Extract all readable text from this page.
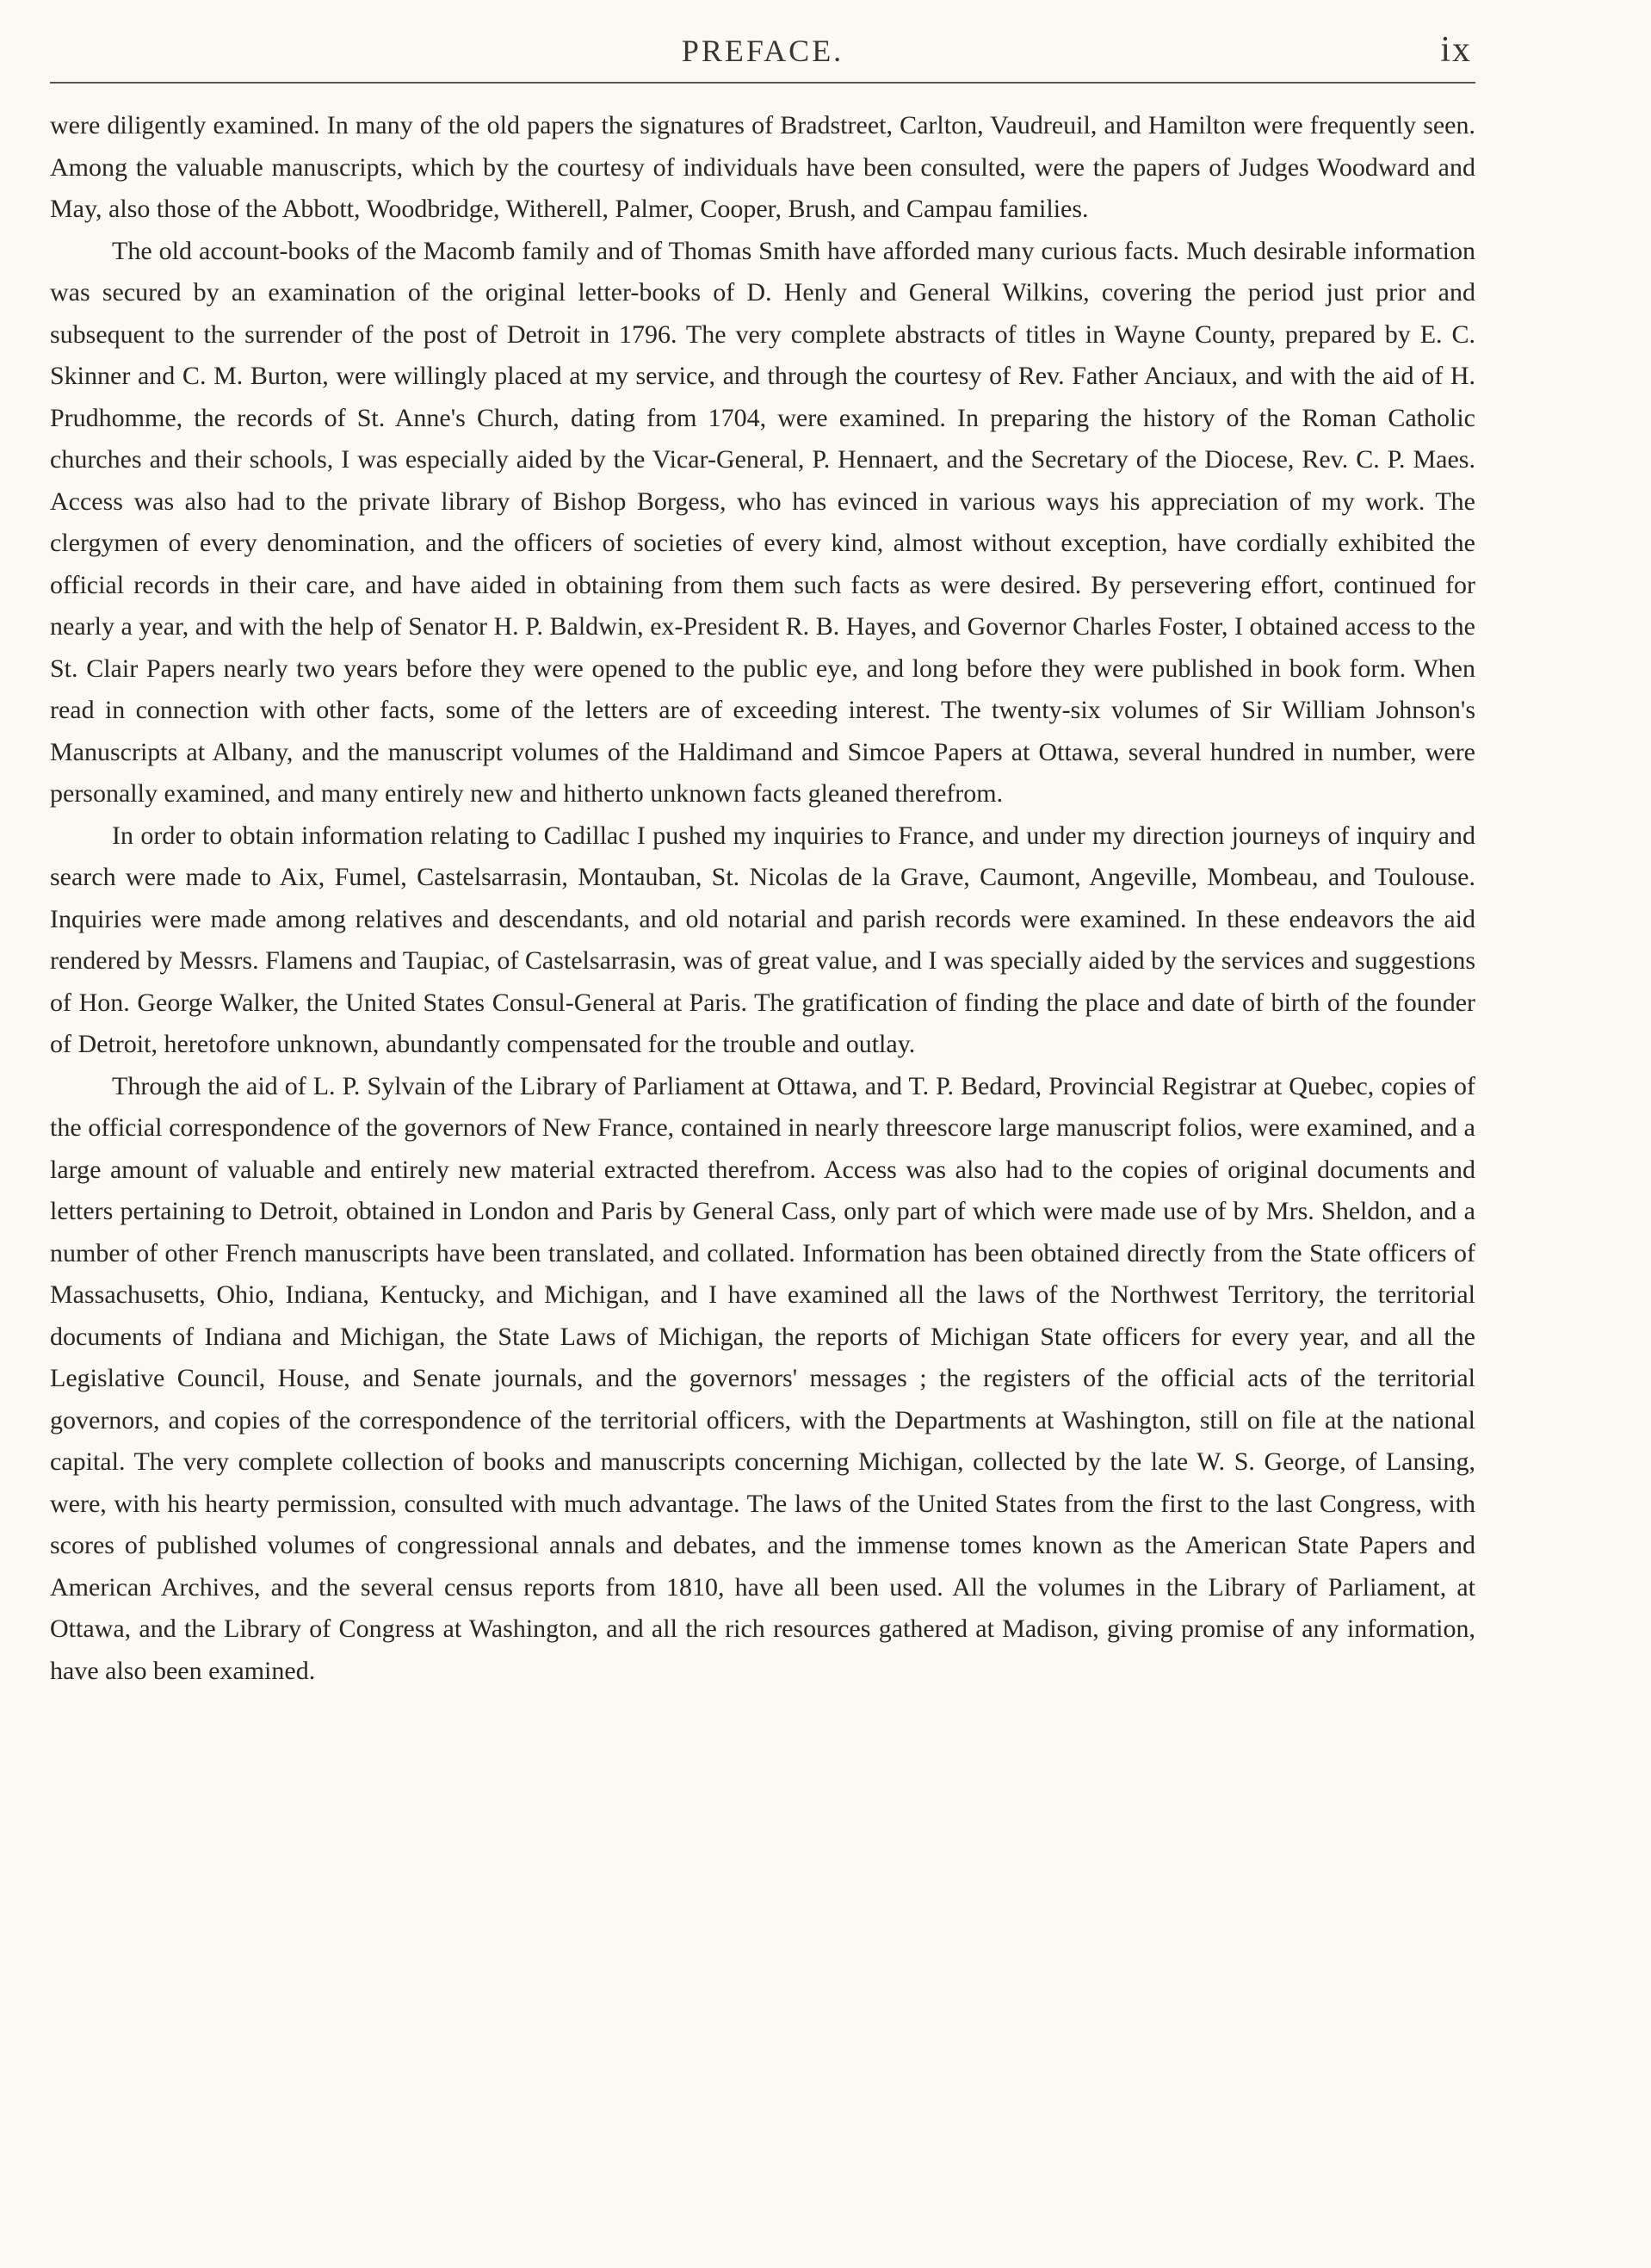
PREFACE.	ix

were diligently examined. In many of the old papers the signatures of Bradstreet, Carlton, Vaudreuil, and Hamilton were frequently seen. Among the valuable manuscripts, which by the courtesy of individuals have been consulted, were the papers of Judges Woodward and May, also those of the Abbott, Woodbridge, Witherell, Palmer, Cooper, Brush, and Campau families.

The old account-books of the Macomb family and of Thomas Smith have afforded many curious facts. Much desirable information was secured by an examination of the original letter-books of D. Henly and General Wilkins, covering the period just prior and subsequent to the surrender of the post of Detroit in 1796. The very complete abstracts of titles in Wayne County, prepared by E. C. Skinner and C. M. Burton, were willingly placed at my service, and through the courtesy of Rev. Father Anciaux, and with the aid of H. Prudhomme, the records of St. Anne's Church, dating from 1704, were examined. In preparing the history of the Roman Catholic churches and their schools, I was especially aided by the Vicar-General, P. Hennaert, and the Secretary of the Diocese, Rev. C. P. Maes. Access was also had to the private library of Bishop Borgess, who has evinced in various ways his appreciation of my work. The clergymen of every denomination, and the officers of societies of every kind, almost without exception, have cordially exhibited the official records in their care, and have aided in obtaining from them such facts as were desired. By persevering effort, continued for nearly a year, and with the help of Senator H. P. Baldwin, ex-President R. B. Hayes, and Governor Charles Foster, I obtained access to the St. Clair Papers nearly two years before they were opened to the public eye, and long before they were published in book form. When read in connection with other facts, some of the letters are of exceeding interest. The twenty-six volumes of Sir William Johnson's Manuscripts at Albany, and the manuscript volumes of the Haldimand and Simcoe Papers at Ottawa, several hundred in number, were personally examined, and many entirely new and hitherto unknown facts gleaned therefrom.

In order to obtain information relating to Cadillac I pushed my inquiries to France, and under my direction journeys of inquiry and search were made to Aix, Fumel, Castelsarrasin, Montauban, St. Nicolas de la Grave, Caumont, Angeville, Mombeau, and Toulouse. Inquiries were made among relatives and descendants, and old notarial and parish records were examined. In these endeavors the aid rendered by Messrs. Flamens and Taupiac, of Castelsarrasin, was of great value, and I was specially aided by the services and suggestions of Hon. George Walker, the United States Consul-General at Paris. The gratification of finding the place and date of birth of the founder of Detroit, heretofore unknown, abundantly compensated for the trouble and outlay.

Through the aid of L. P. Sylvain of the Library of Parliament at Ottawa, and T. P. Bedard, Provincial Registrar at Quebec, copies of the official correspondence of the governors of New France, contained in nearly threescore large manuscript folios, were examined, and a large amount of valuable and entirely new material extracted therefrom. Access was also had to the copies of original documents and letters pertaining to Detroit, obtained in London and Paris by General Cass, only part of which were made use of by Mrs. Sheldon, and a number of other French manuscripts have been translated, and collated. Information has been obtained directly from the State officers of Massachusetts, Ohio, Indiana, Kentucky, and Michigan, and I have examined all the laws of the Northwest Territory, the territorial documents of Indiana and Michigan, the State Laws of Michigan, the reports of Michigan State officers for every year, and all the Legislative Council, House, and Senate journals, and the governors' messages ; the registers of the official acts of the territorial governors, and copies of the correspondence of the territorial officers, with the Departments at Washington, still on file at the national capital. The very complete collection of books and manuscripts concerning Michigan, collected by the late W. S. George, of Lansing, were, with his hearty permission, consulted with much advantage. The laws of the United States from the first to the last Congress, with scores of published volumes of congressional annals and debates, and the immense tomes known as the American State Papers and American Archives, and the several census reports from 1810, have all been used. All the volumes in the Library of Parliament, at Ottawa, and the Library of Congress at Washington, and all the rich resources gathered at Madison, giving promise of any information, have also been examined.
